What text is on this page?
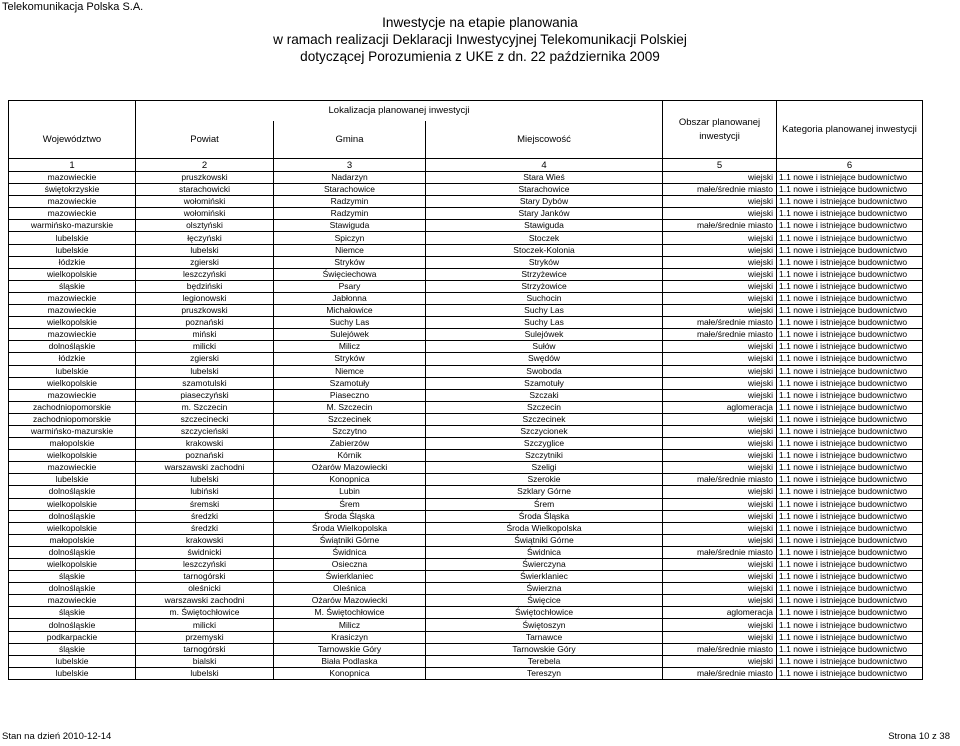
Telekomunikacja Polska S.A.
Inwestycje na etapie planowania
w ramach realizacji Deklaracji Inwestycyjnej Telekomunikacji Polskiej
dotyczącej Porozumienia z UKE z dn. 22 października 2009
	Lokalizacja planowanej inwestycji			Obszar planowanej inwestycji	Kategoria planowanej inwestycji
Województwo	Powiat	Gmina	Miejscowość		
1	2	3	4	5	6
mazowieckie	pruszkowski	Nadarzyn	Stara Wieś	wiejski	1.1 nowe i istniejące budownictwo
świętokrzyskie	starachowicki	Starachowice	Starachowice	małe/średnie miasto	1.1 nowe i istniejące budownictwo
mazowieckie	wołomiński	Radzymin	Stary Dybów	wiejski	1.1 nowe i istniejące budownictwo
mazowieckie	wołomiński	Radzymin	Stary Janków	wiejski	1.1 nowe i istniejące budownictwo
warmińsko-mazurskie	olsztyński	Stawiguda	Stawiguda	małe/średnie miasto	1.1 nowe i istniejące budownictwo
lubelskie	łęczyński	Spiczyn	Stoczek	wiejski	1.1 nowe i istniejące budownictwo
lubelskie	lubelski	Niemce	Stoczek-Kolonia	wiejski	1.1 nowe i istniejące budownictwo
łódzkie	zgierski	Stryków	Stryków	wiejski	1.1 nowe i istniejące budownictwo
wielkopolskie	leszczyński	Święciechowa	Strzyżewice	wiejski	1.1 nowe i istniejące budownictwo
śląskie	będziński	Psary	Strzyżowice	wiejski	1.1 nowe i istniejące budownictwo
mazowieckie	legionowski	Jabłonna	Suchocin	wiejski	1.1 nowe i istniejące budownictwo
mazowieckie	pruszkowski	Michałowice	Suchy Las	wiejski	1.1 nowe i istniejące budownictwo
wielkopolskie	poznański	Suchy Las	Suchy Las	małe/średnie miasto	1.1 nowe i istniejące budownictwo
mazowieckie	miński	Sulejówek	Sulejówek	małe/średnie miasto	1.1 nowe i istniejące budownictwo
dolnośląskie	milicki	Milicz	Sułów	wiejski	1.1 nowe i istniejące budownictwo
łódzkie	zgierski	Stryków	Swędów	wiejski	1.1 nowe i istniejące budownictwo
lubelskie	lubelski	Niemce	Swoboda	wiejski	1.1 nowe i istniejące budownictwo
wielkopolskie	szamotulski	Szamotuły	Szamotuły	wiejski	1.1 nowe i istniejące budownictwo
mazowieckie	piaseczyński	Piaseczno	Szczaki	wiejski	1.1 nowe i istniejące budownictwo
zachodniopomorskie	m. Szczecin	M. Szczecin	Szczecin	aglomeracja	1.1 nowe i istniejące budownictwo
zachodniopomorskie	szczecinecki	Szczecinek	Szczecinek	wiejski	1.1 nowe i istniejące budownictwo
warmińsko-mazurskie	szczycieński	Szczytno	Szczycionek	wiejski	1.1 nowe i istniejące budownictwo
małopolskie	krakowski	Zabierzów	Szczyglice	wiejski	1.1 nowe i istniejące budownictwo
wielkopolskie	poznański	Kórnik	Szczytniki	wiejski	1.1 nowe i istniejące budownictwo
mazowieckie	warszawski zachodni	Ożarów Mazowiecki	Szeligi	wiejski	1.1 nowe i istniejące budownictwo
lubelskie	lubelski	Konopnica	Szerokie	małe/średnie miasto	1.1 nowe i istniejące budownictwo
dolnośląskie	lubiński	Lubin	Szklary Górne	wiejski	1.1 nowe i istniejące budownictwo
wielkopolskie	śremski	Śrem	Śrem	wiejski	1.1 nowe i istniejące budownictwo
dolnośląskie	średzki	Środa Śląska	Środa Śląska	wiejski	1.1 nowe i istniejące budownictwo
wielkopolskie	średzki	Środa Wielkopolska	Środa Wielkopolska	wiejski	1.1 nowe i istniejące budownictwo
małopolskie	krakowski	Świątniki Górne	Świątniki Górne	wiejski	1.1 nowe i istniejące budownictwo
dolnośląskie	świdnicki	Świdnica	Świdnica	małe/średnie miasto	1.1 nowe i istniejące budownictwo
wielkopolskie	leszczyński	Osieczna	Świerczyna	wiejski	1.1 nowe i istniejące budownictwo
śląskie	tarnogórski	Świerklaniec	Świerklaniec	wiejski	1.1 nowe i istniejące budownictwo
dolnośląskie	oleśnicki	Oleśnica	Świerzna	wiejski	1.1 nowe i istniejące budownictwo
mazowieckie	warszawski zachodni	Ożarów Mazowiecki	Święcice	wiejski	1.1 nowe i istniejące budownictwo
śląskie	m. Świętochłowice	M. Świętochłowice	Świętochłowice	aglomeracja	1.1 nowe i istniejące budownictwo
dolnośląskie	milicki	Milicz	Świętoszyn	wiejski	1.1 nowe i istniejące budownictwo
podkarpackie	przemyski	Krasiczyn	Tarnawce	wiejski	1.1 nowe i istniejące budownictwo
śląskie	tarnogórski	Tarnowskie Góry	Tarnowskie Góry	małe/średnie miasto	1.1 nowe i istniejące budownictwo
lubelskie	bialski	Biała Podlaska	Terebela	wiejski	1.1 nowe i istniejące budownictwo
lubelskie	lubelski	Konopnica	Tereszyn	małe/średnie miasto	1.1 nowe i istniejące budownictwo
Stan na dzień 2010-12-14	Strona 10 z 38
